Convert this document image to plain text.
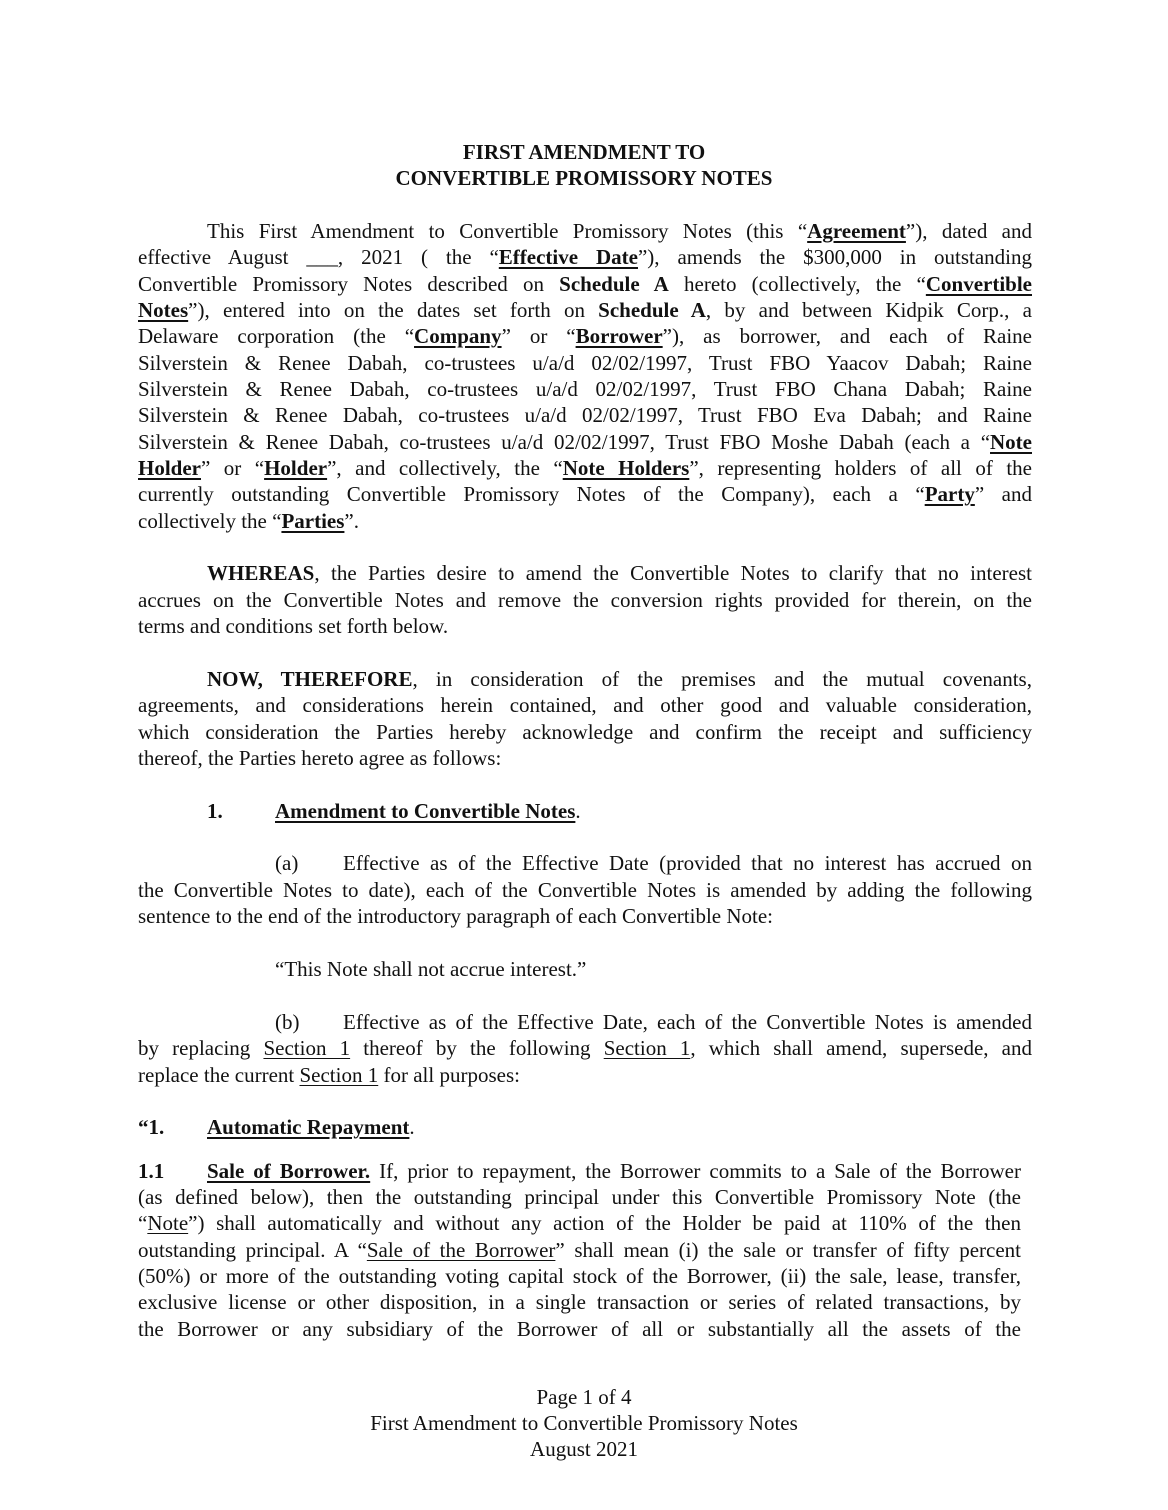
FIRST AMENDMENT TO
CONVERTIBLE PROMISSORY NOTES
This First Amendment to Convertible Promissory Notes (this “Agreement”), dated and
effective August ___, 2021 ( the “Effective Date”), amends the $300,000 in outstanding
Convertible Promissory Notes described on Schedule A hereto (collectively, the “Convertible
Notes”), entered into on the dates set forth on Schedule A, by and between Kidpik Corp., a
Delaware corporation (the “Company” or “Borrower”), as borrower, and each of Raine
Silverstein & Renee Dabah, co-trustees u/a/d 02/02/1997, Trust FBO Yaacov Dabah; Raine
Silverstein & Renee Dabah, co-trustees u/a/d 02/02/1997, Trust FBO Chana Dabah; Raine
Silverstein & Renee Dabah, co-trustees u/a/d 02/02/1997, Trust FBO Eva Dabah; and Raine
Silverstein & Renee Dabah, co-trustees u/a/d 02/02/1997, Trust FBO Moshe Dabah (each a “Note
Holder” or “Holder”, and collectively, the “Note Holders”, representing holders of all of the
currently outstanding Convertible Promissory Notes of the Company), each a “Party” and
collectively the “Parties”.
WHEREAS, the Parties desire to amend the Convertible Notes to clarify that no interest
accrues on the Convertible Notes and remove the conversion rights provided for therein, on the
terms and conditions set forth below.
NOW, THEREFORE, in consideration of the premises and the mutual covenants,
agreements, and considerations herein contained, and other good and valuable consideration,
which consideration the Parties hereby acknowledge and confirm the receipt and sufficiency
thereof, the Parties hereto agree as follows:
1. Amendment to Convertible Notes.
(a) Effective as of the Effective Date (provided that no interest has accrued on
the Convertible Notes to date), each of the Convertible Notes is amended by adding the following
sentence to the end of the introductory paragraph of each Convertible Note:
“This Note shall not accrue interest.”
(b) Effective as of the Effective Date, each of the Convertible Notes is amended
by replacing Section 1 thereof by the following Section 1, which shall amend, supersede, and
replace the current Section 1 for all purposes:
“1. Automatic Repayment.
1.1 Sale of Borrower. If, prior to repayment, the Borrower commits to a Sale of the Borrower
(as defined below), then the outstanding principal under this Convertible Promissory Note (the
“Note”) shall automatically and without any action of the Holder be paid at 110% of the then
outstanding principal. A “Sale of the Borrower” shall mean (i) the sale or transfer of fifty percent
(50%) or more of the outstanding voting capital stock of the Borrower, (ii) the sale, lease, transfer,
exclusive license or other disposition, in a single transaction or series of related transactions, by
the Borrower or any subsidiary of the Borrower of all or substantially all the assets of the
Page 1 of 4
First Amendment to Convertible Promissory Notes
August 2021
